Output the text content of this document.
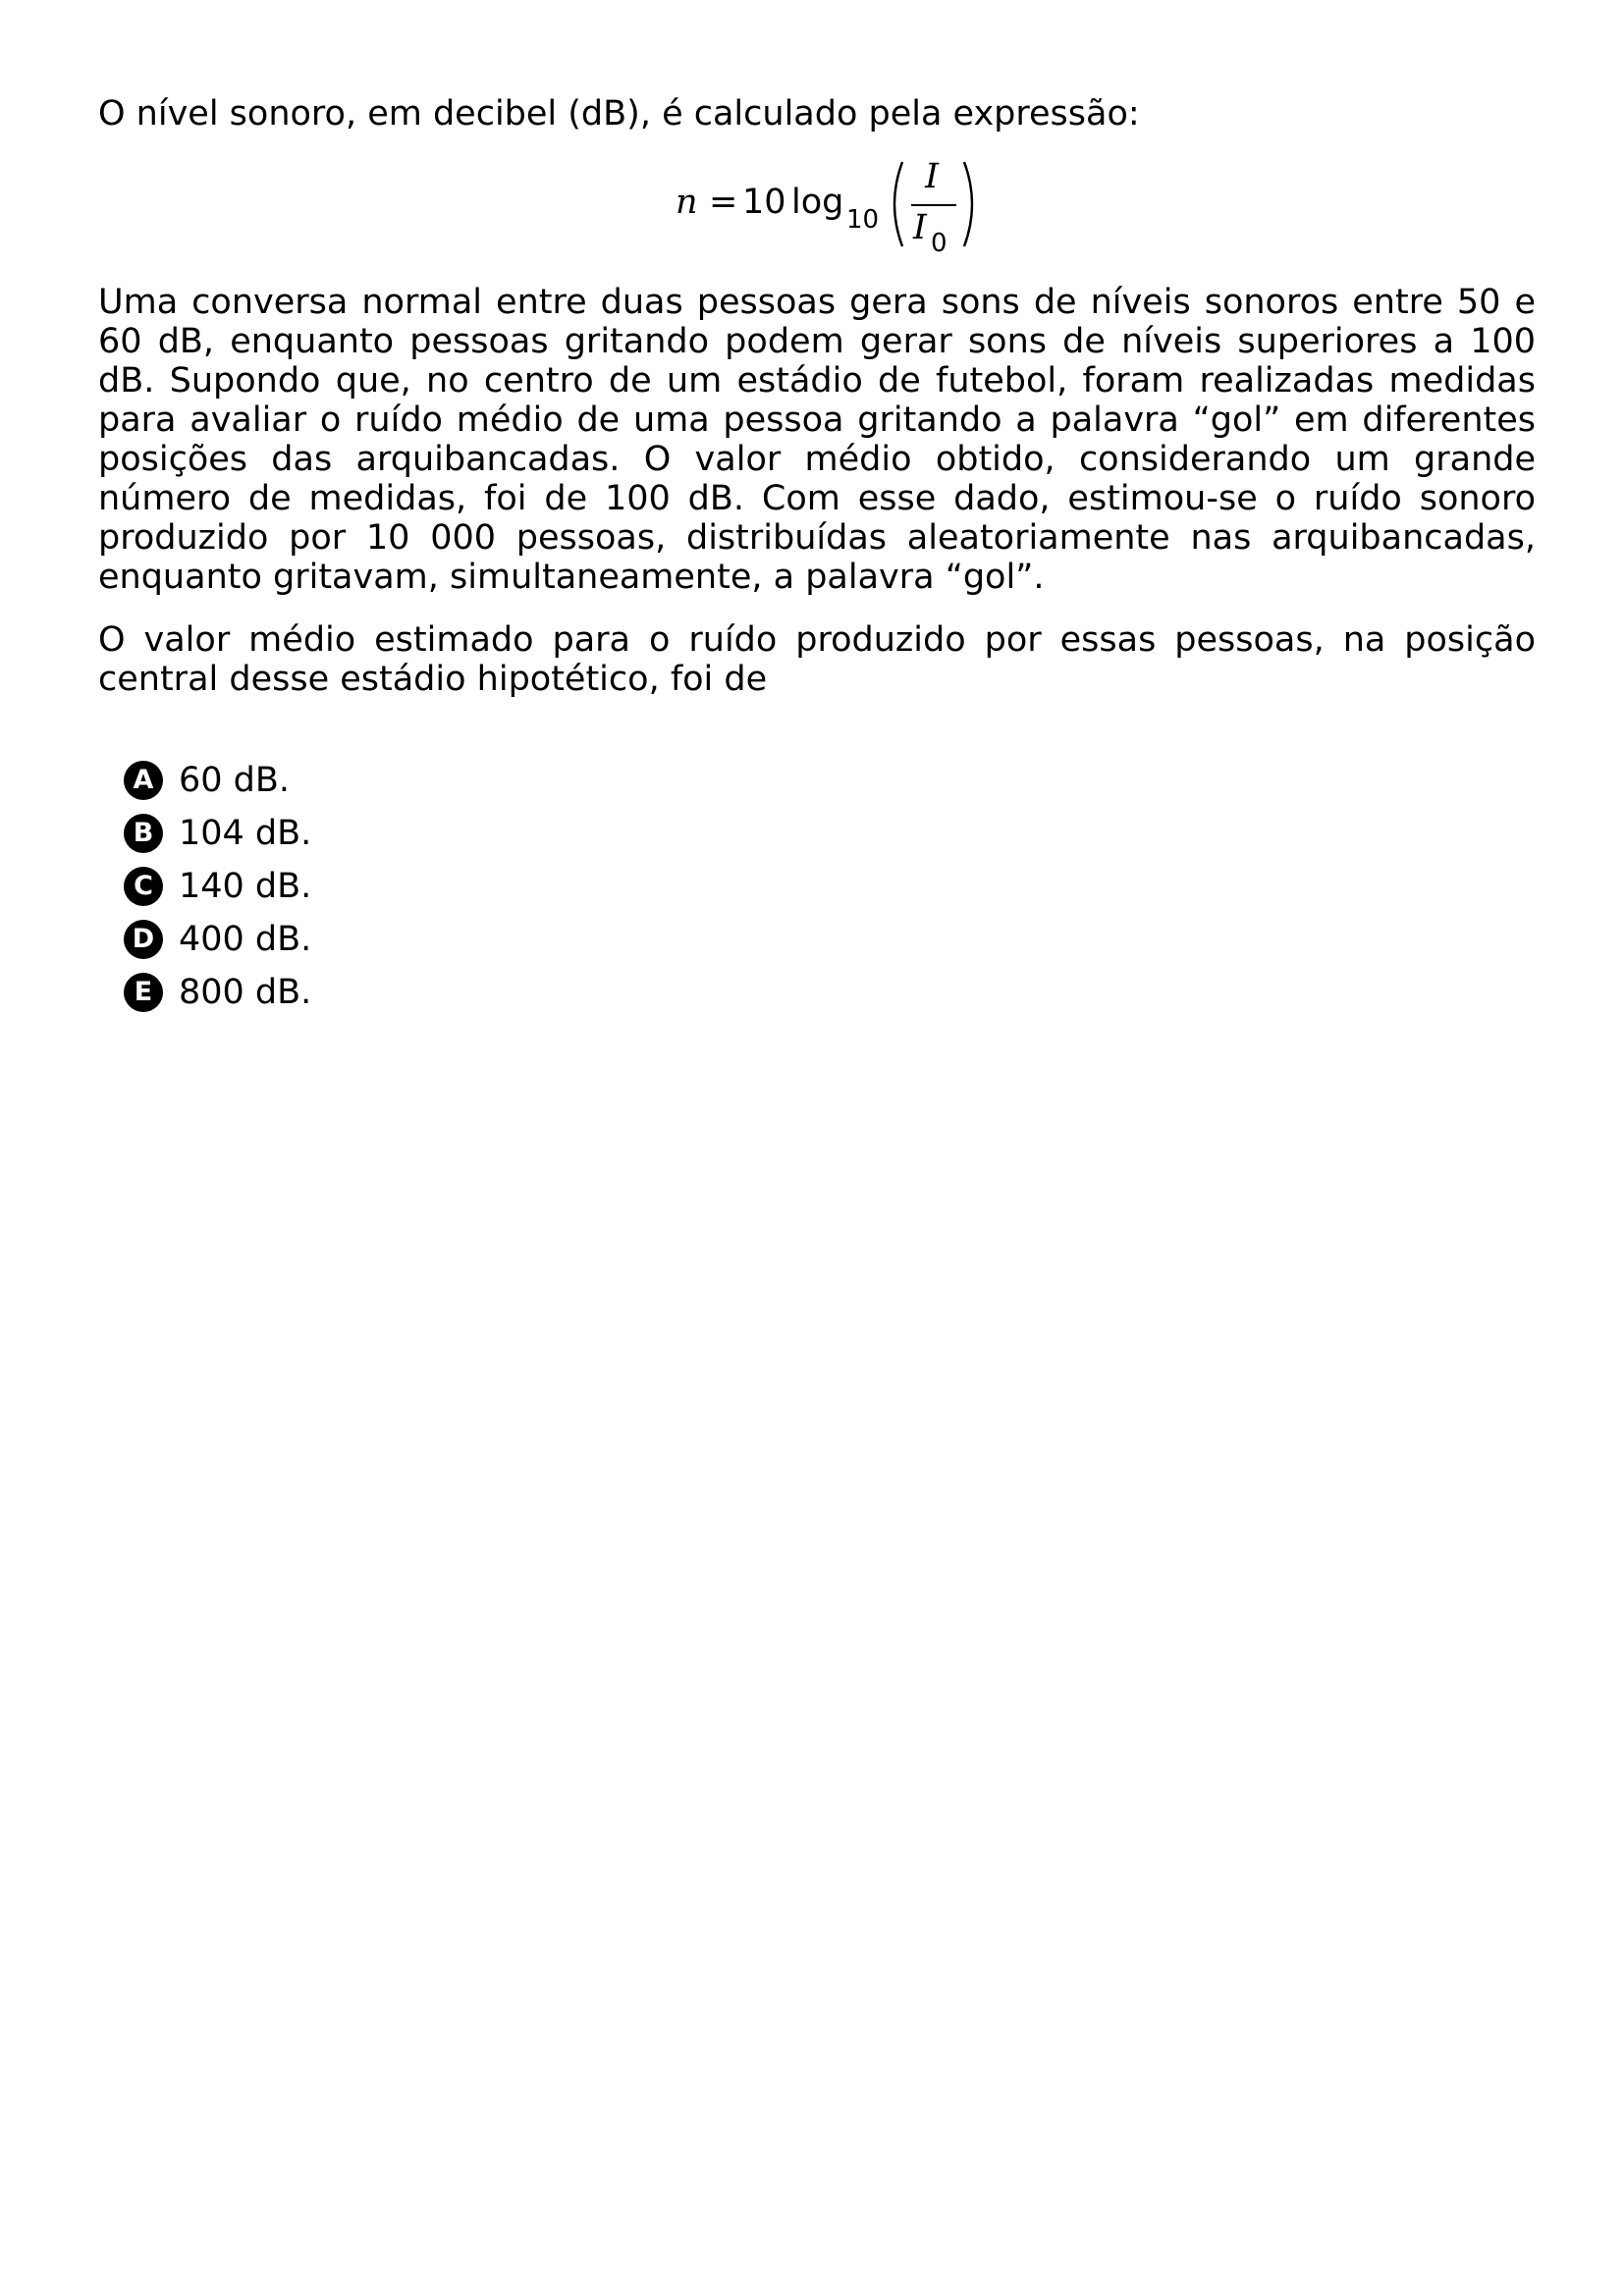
O nível sonoro, em decibel (dB), é calculado pela expressão:

n = 10 log 10
I
I 0

Uma conversa normal entre duas pessoas gera sons de níveis sonoros entre 50 e 60 dB, enquanto pessoas gritando podem gerar sons de níveis superiores a 100 dB. Supondo que, no centro de um estádio de futebol, foram realizadas medidas para avaliar o ruído médio de uma pessoa gritando a palavra “gol” em diferentes posições das arquibancadas. O valor médio obtido, considerando um grande número de medidas, foi de 100 dB. Com esse dado, estimou-se o ruído sonoro produzido por 10 000 pessoas, distribuídas aleatoriamente nas arquibancadas, enquanto gritavam, simultaneamente, a palavra “gol”.

O valor médio estimado para o ruído produzido por essas pessoas, na posição central desse estádio hipotético, foi de

A 60 dB.
B 104 dB.
C 140 dB.
D 400 dB.
E 800 dB.
